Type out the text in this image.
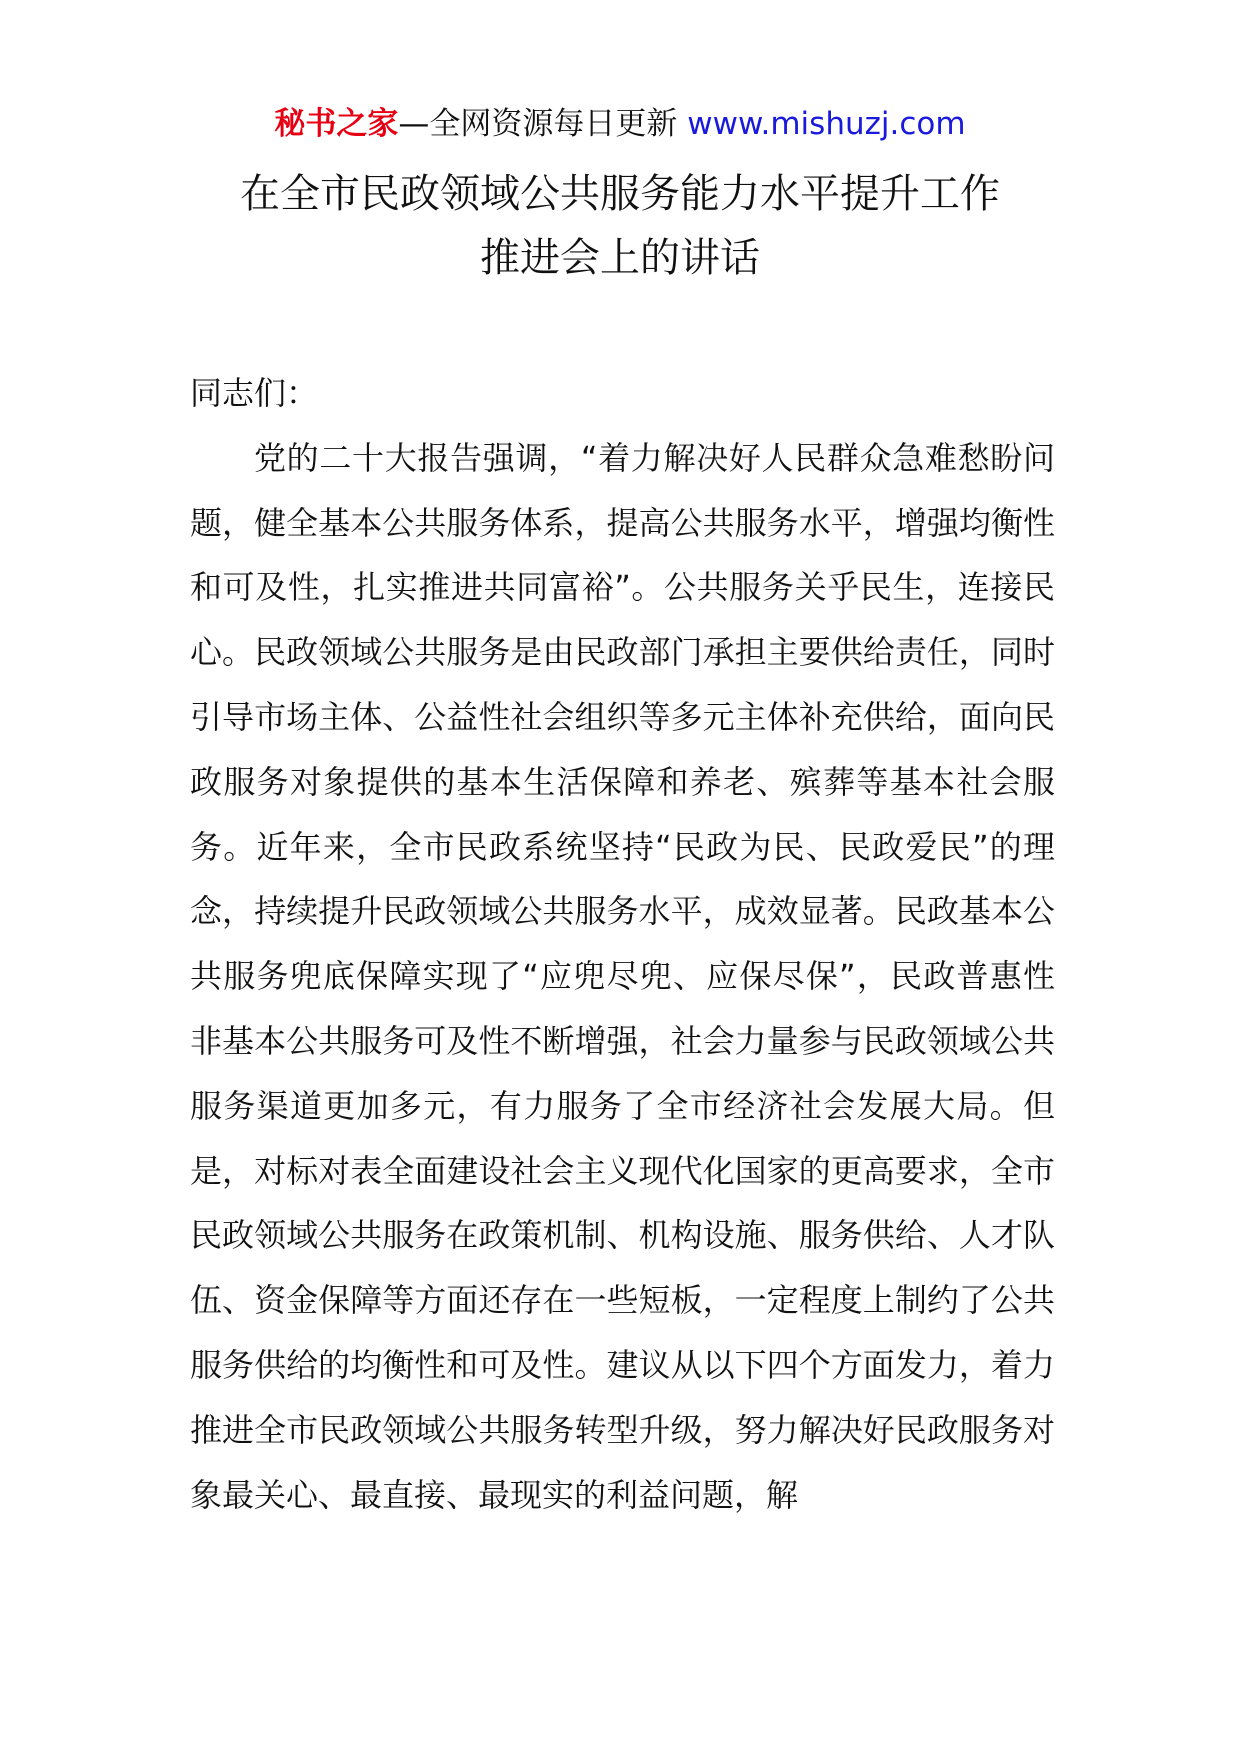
秘书之家—全网资源每日更新 www.mishuzj.com
在全市民政领域公共服务能力水平提升工作
推进会上的讲话

同志们：

党的二十大报告强调，“着力解决好人民群众急难愁盼问题，健全基本公共服务体系，提高公共服务水平，增强均衡性和可及性，扎实推进共同富裕”。公共服务关乎民生，连接民心。民政领域公共服务是由民政部门承担主要供给责任，同时引导市场主体、公益性社会组织等多元主体补充供给，面向民政服务对象提供的基本生活保障和养老、殡葬等基本社会服务。近年来，全市民政系统坚持“民政为民、民政爱民”的理念，持续提升民政领域公共服务水平，成效显著。民政基本公共服务兜底保障实现了“应兜尽兜、应保尽保”，民政普惠性非基本公共服务可及性不断增强，社会力量参与民政领域公共服务渠道更加多元，有力服务了全市经济社会发展大局。但是，对标对表全面建设社会主义现代化国家的更高要求，全市民政领域公共服务在政策机制、机构设施、服务供给、人才队伍、资金保障等方面还存在一些短板，一定程度上制约了公共服务供给的均衡性和可及性。建议从以下四个方面发力，着力推进全市民政领域公共服务转型升级，努力解决好民政服务对象最关心、最直接、最现实的利益问题，解
